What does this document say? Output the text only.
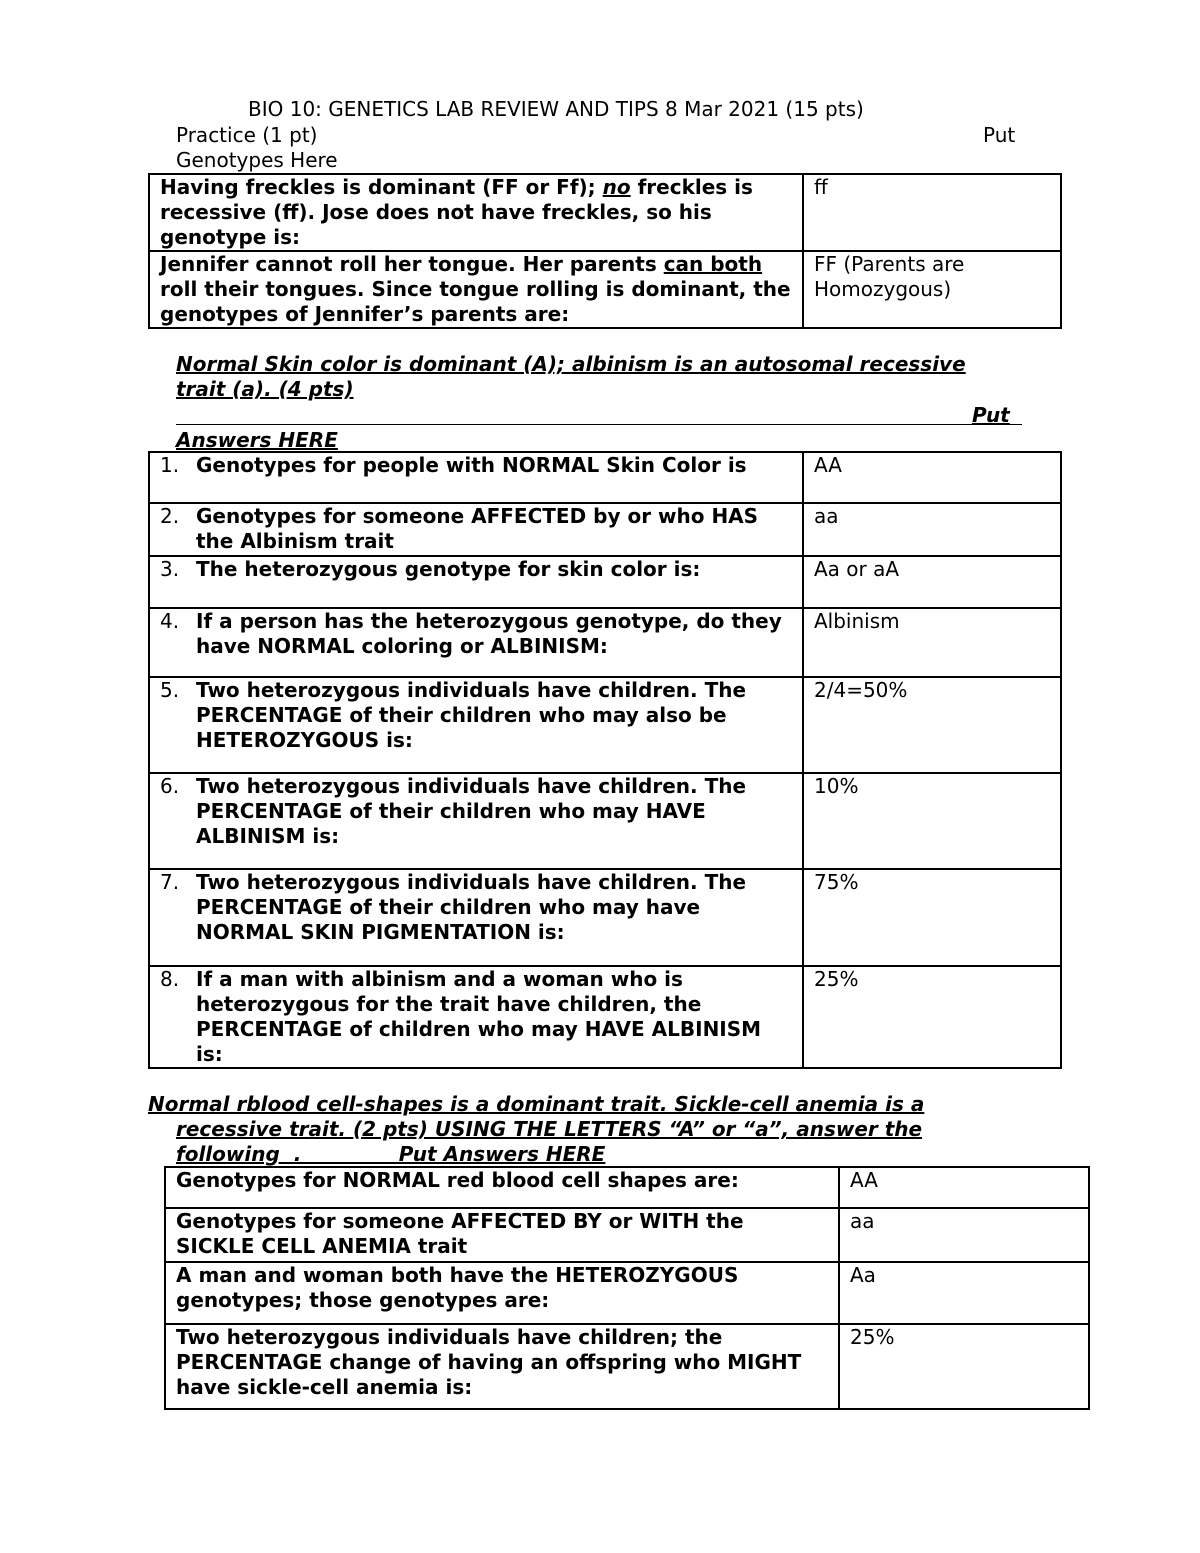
BIO 10: GENETICS LAB REVIEW AND TIPS 8 Mar 2021 (15 pts)
Practice (1 pt)	Put
Genotypes Here
Having freckles is dominant (FF or Ff); no freckles is recessive (ff). Jose does not have freckles, so his genotype is:	ff
Jennifer cannot roll her tongue. Her parents can both roll their tongues. Since tongue rolling is dominant, the genotypes of Jennifer’s parents are:	FF (Parents are Homozygous)
Normal Skin color is dominant (A); albinism is an autosomal recessive
trait (a). (4 pts)
Put
Answers HERE
1. Genotypes for people with NORMAL Skin Color is	AA
2. Genotypes for someone AFFECTED by or who HAS the Albinism trait	aa
3. The heterozygous genotype for skin color is:	Aa or aA
4. If a person has the heterozygous genotype, do they have NORMAL coloring or ALBINISM:	Albinism
5. Two heterozygous individuals have children. The PERCENTAGE of their children who may also be HETEROZYGOUS is:	2/4=50%
6. Two heterozygous individuals have children. The PERCENTAGE of their children who may HAVE ALBINISM is:	10%
7. Two heterozygous individuals have children. The PERCENTAGE of their children who may have NORMAL SKIN PIGMENTATION is:	75%
8. If a man with albinism and a woman who is heterozygous for the trait have children, the PERCENTAGE of children who may HAVE ALBINISM is:	25%
Normal rblood cell-shapes is a dominant trait. Sickle-cell anemia is a
recessive trait. (2 pts) USING THE LETTERS “A” or “a”, answer the
following  .              Put Answers HERE
Genotypes for NORMAL red blood cell shapes are:	AA
Genotypes for someone AFFECTED BY or WITH the SICKLE CELL ANEMIA trait	aa
A man and woman both have the HETEROZYGOUS genotypes; those genotypes are:	Aa
Two heterozygous individuals have children; the PERCENTAGE change of having an offspring who MIGHT have sickle-cell anemia is:	25%
